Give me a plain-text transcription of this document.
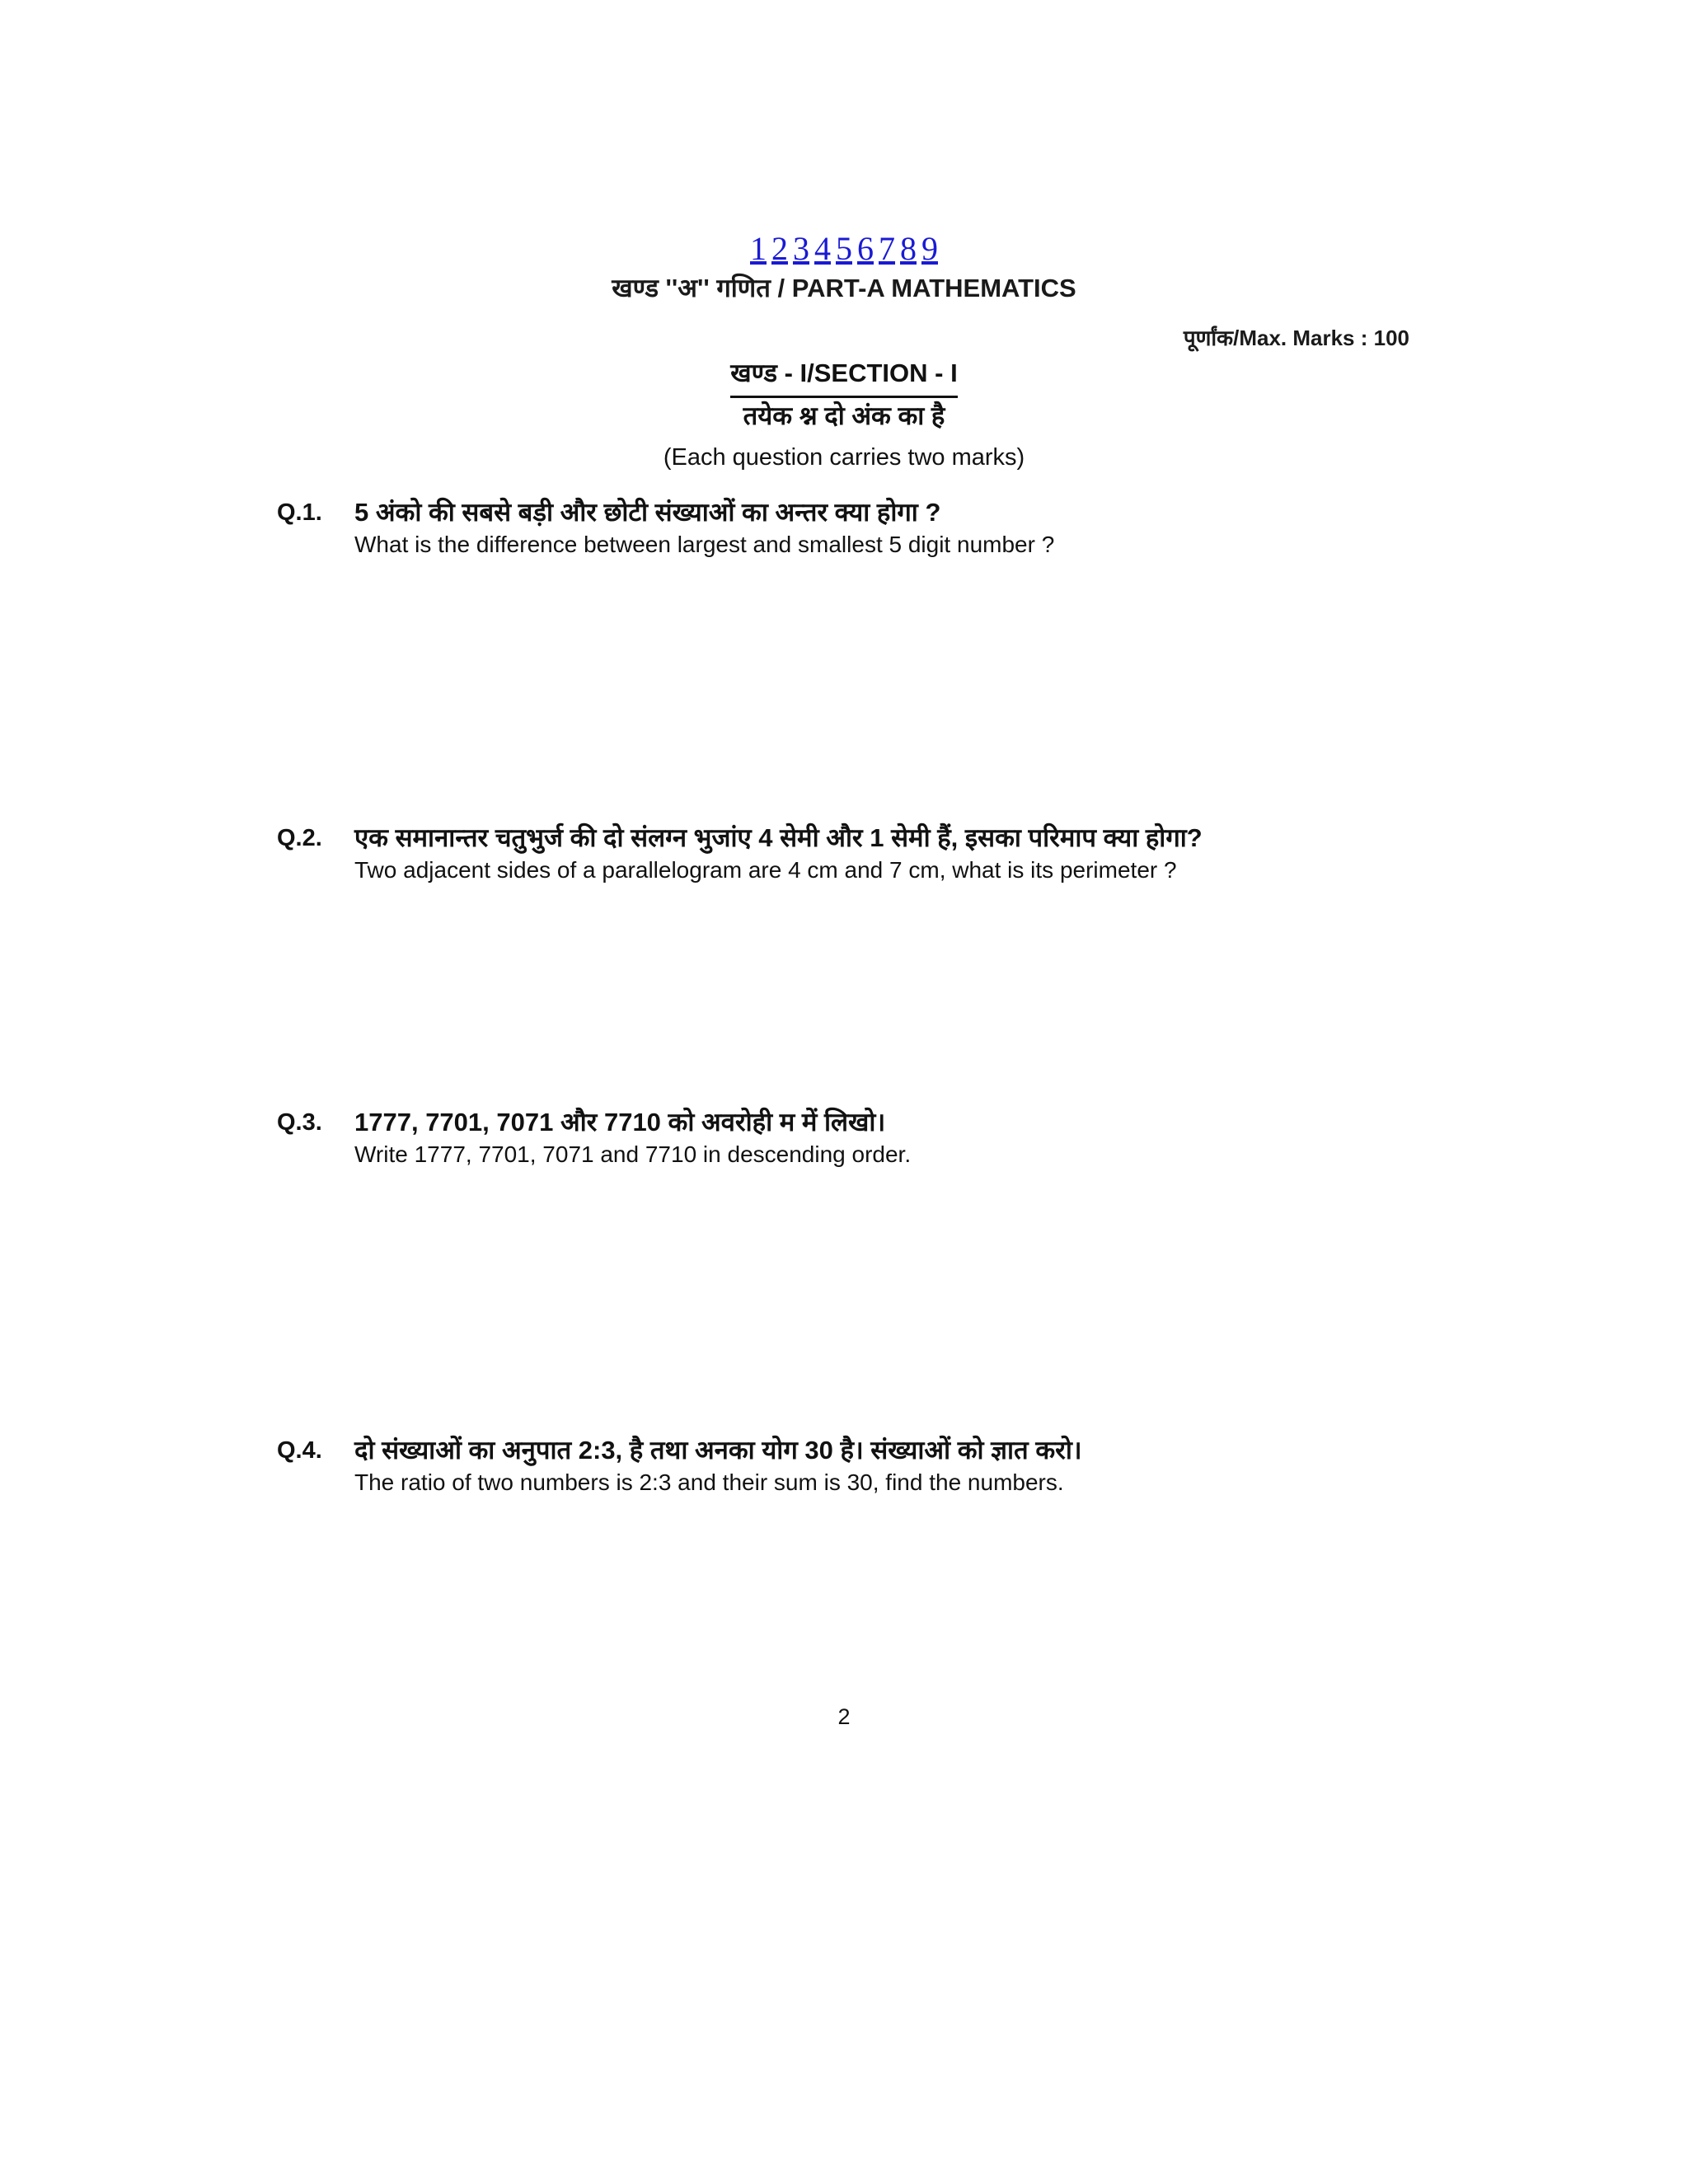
1 2 3 4 5 6 7 8 9
खण्ड ''अ'' गणित / PART-A MATHEMATICS
पूर्णांक/Max. Marks : 100
खण्ड - I/SECTION - I
तयेक श्न दो अंक का है
(Each question carries two marks)
Q.1. 5 अंको की सबसे बड़ी और छोटी संख्याओं का अन्तर क्या होगा ?
What is the difference between largest and smallest 5 digit number ?
Q.2. एक समानान्तर चतुभुर्ज की दो संलग्न भुजांए 4 सेमी और 1 सेमी हैं, इसका परिमाप क्या होगा?
Two adjacent sides of a parallelogram are 4 cm and 7 cm, what is its perimeter ?
Q.3. 1777, 7701, 7071 और 7710 को अवरोही म में लिखो।
Write 1777, 7701, 7071 and 7710 in descending order.
Q.4. दो संख्याओं का अनुपात 2:3, है तथा अनका योग 30 है। संख्याओं को ज्ञात करो।
The ratio of two numbers is 2:3 and their sum is 30, find the numbers.
2
